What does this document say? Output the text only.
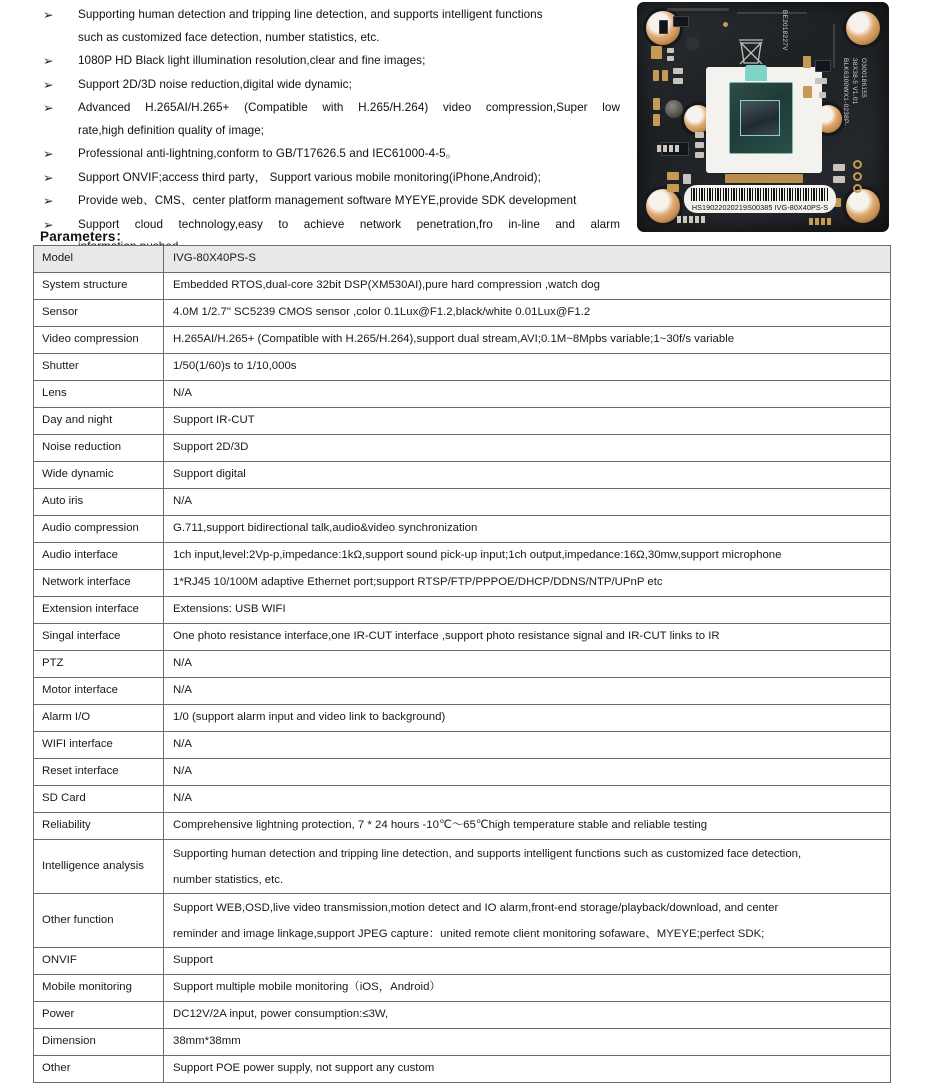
➢	Supporting human detection and tripping line detection, and supports intelligent functions
such as customized face detection, number statistics, etc.
➢	1080P HD Black light illumination resolution,clear and fine images;
➢	Support 2D/3D noise reduction,digital wide dynamic;
➢	Advanced H.265AI/H.265+ (Compatible with H.265/H.264) video compression,Super low
rate,high definition quality of image;
➢	Professional anti-lightning,conform to GB/T17626.5 and IEC61000-4-5。
➢	Support ONVIF;access third party， Support various mobile monitoring(iPhone,Android);
➢	Provide web、CMS、center platform management software MYEYE,provide SDK development
➢	Support cloud technology,easy to achieve network penetration,fro in-line and alarm
BE2018227V
BLK6300WX1-0238P- 38X38-5 V1.01 O300186155
HS19022020219S00385 IVG-80X40PS-S
Parameters：
Model	IVG-80X40PS-S
System structure	Embedded RTOS,dual-core 32bit DSP(XM530AI),pure hard compression ,watch dog
Sensor	4.0M 1/2.7" SC5239 CMOS sensor ,color 0.1Lux@F1.2,black/white 0.01Lux@F1.2
Video compression	H.265AI/H.265+ (Compatible with H.265/H.264),support dual stream,AVI;0.1M~8Mpbs variable;1~30f/s variable
Shutter	1/50(1/60)s to 1/10,000s
Lens	N/A
Day and night	Support IR-CUT
Noise reduction	Support 2D/3D
Wide dynamic	Support digital
Auto iris	N/A
Audio compression	G.711,support bidirectional talk,audio&video synchronization
Audio interface	1ch input,level:2Vp-p,impedance:1kΩ,support sound pick-up input;1ch output,impedance:16Ω,30mw,support microphone
Network interface	1*RJ45 10/100M adaptive Ethernet port;support RTSP/FTP/PPPOE/DHCP/DDNS/NTP/UPnP etc
Extension interface	Extensions: USB WIFI
Singal interface	One photo resistance interface,one IR-CUT interface ,support photo resistance signal and IR-CUT links to IR
PTZ	N/A
Motor interface	N/A
Alarm I/O	1/0 (support alarm input and video link to background)
WIFI interface	N/A
Reset interface	N/A
SD Card	N/A
Reliability	Comprehensive lightning protection, 7 * 24 hours -10℃～65℃high temperature stable and reliable testing
Intelligence analysis	Supporting human detection and tripping line detection, and supports intelligent functions such as customized face detection,
number statistics, etc.

Other function	Support WEB,OSD,live video transmission,motion detect and IO alarm,front-end storage/playback/download, and center
reminder and image linkage,support JPEG capture：united remote client monitoring sofaware、MYEYE;perfect SDK;

ONVIF	Support
Mobile monitoring	Support multiple mobile monitoring（iOS，Android）
Power	DC12V/2A input, power consumption:≤3W,
Dimension	38mm*38mm
Other	Support POE power supply, not support any custom
